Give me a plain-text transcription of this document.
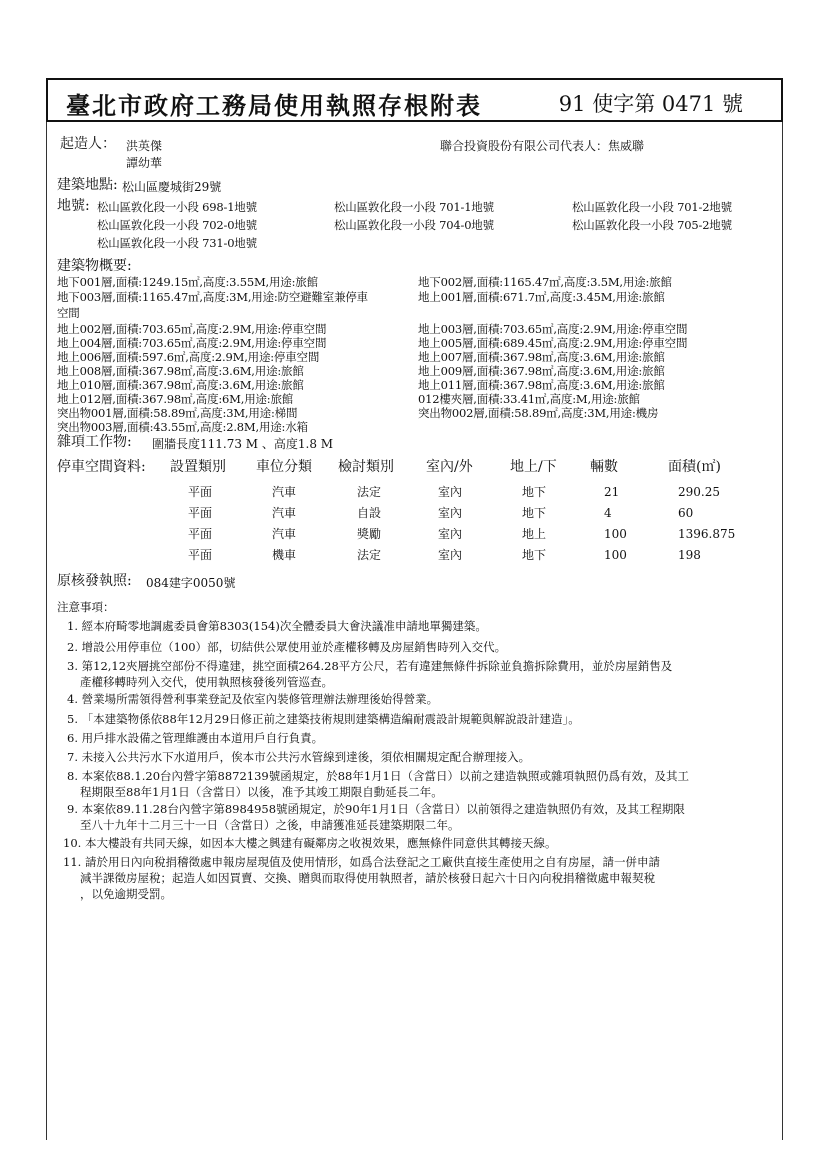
臺北市政府工務局使用執照存根附表	91 使字第 0471 號
起造人： 洪英傑
譚幼華
聯合投資股份有限公司代表人：焦威聯
建築地點: 松山區慶城街29號
地號: 松山區敦化段一小段 698-1地號	松山區敦化段一小段 701-1地號	松山區敦化段一小段 701-2地號
松山區敦化段一小段 702-0地號	松山區敦化段一小段 704-0地號	松山區敦化段一小段 705-2地號
松山區敦化段一小段 731-0地號
建築物概要:
地下001層,面積:1249.15㎡,高度:3.55M,用途:旅館	地下002層,面積:1165.47㎡,高度:3.5M,用途:旅館
地下003層,面積:1165.47㎡,高度:3M,用途:防空避難室兼停車	地上001層,面積:671.7㎡,高度:3.45M,用途:旅館
空間
地上002層,面積:703.65㎡,高度:2.9M,用途:停車空間	地上003層,面積:703.65㎡,高度:2.9M,用途:停車空間
地上004層,面積:703.65㎡,高度:2.9M,用途:停車空間	地上005層,面積:689.45㎡,高度:2.9M,用途:停車空間
地上006層,面積:597.6㎡,高度:2.9M,用途:停車空間	地上007層,面積:367.98㎡,高度:3.6M,用途:旅館
地上008層,面積:367.98㎡,高度:3.6M,用途:旅館	地上009層,面積:367.98㎡,高度:3.6M,用途:旅館
地上010層,面積:367.98㎡,高度:3.6M,用途:旅館	地上011層,面積:367.98㎡,高度:3.6M,用途:旅館
地上012層,面積:367.98㎡,高度:6M,用途:旅館	012樓夾層,面積:33.41㎡,高度:M,用途:旅館
突出物001層,面積:58.89㎡,高度:3M,用途:梯間	突出物002層,面積:58.89㎡,高度:3M,用途:機房
突出物003層,面積:43.55㎡,高度:2.8M,用途:水箱
雜項工作物: 圍牆長度111.73 M 、高度1.8 M
停車空間資料: 設置類別 車位分類 檢討類別 室內/外	地上/下 輛數	面積(㎡)
平面	汽車	法定	室內	地下	21	290.25
平面	汽車	自設	室內	地下	4	60
平面	汽車	獎勵	室內	地上	100	1396.875
平面	機車	法定	室內	地下	100	198
原核發執照: 084建字0050號
注意事項：
1. 經本府畸零地調處委員會第8303(154)次全體委員大會決議准申請地單獨建築。
2. 增設公用停車位（100）部，切結供公眾使用並於產權移轉及房屋銷售時列入交代。
3. 第12,12夾層挑空部份不得違建，挑空面積264.28平方公尺，若有違建無條件拆除並負擔拆除費用，並於房屋銷售及
產權移轉時列入交代，使用執照核發後列管巡查。
4. 營業場所需領得營利事業登記及依室內裝修管理辦法辦理後始得營業。
5. 「本建築物係依88年12月29日修正前之建築技術規則建築構造編耐震設計規範與解說設計建造」。
6. 用戶排水設備之管理維護由本道用戶自行負責。
7. 未接入公共污水下水道用戶，俟本市公共污水管線到達後，須依相關規定配合辦理接入。
8. 本案依88.1.20台內營字第8872139號函規定，於88年1月1日（含當日）以前之建造執照或雜項執照仍爲有效，及其工
程期限至88年1月1日（含當日）以後，准予其竣工期限自動延長二年。
9. 本案依89.11.28台內營字第8984958號函規定，於90年1月1日（含當日）以前領得之建造執照仍有效，及其工程期限
至八十九年十二月三十一日（含當日）之後，申請獲准延長建築期限二年。
10. 本大樓設有共同天線，如因本大樓之興建有礙鄰房之收視效果，應無條件同意供其轉接天線。
11. 請於用日內向稅捐稽徵處申報房屋現值及使用情形，如爲合法登記之工廠供直接生產使用之自有房屋，請一併申請
減半課徵房屋稅；起造人如因買賣、交換、贈與而取得使用執照者，請於核發日起六十日內向稅捐稽徵處申報契稅
，以免逾期受罰。
